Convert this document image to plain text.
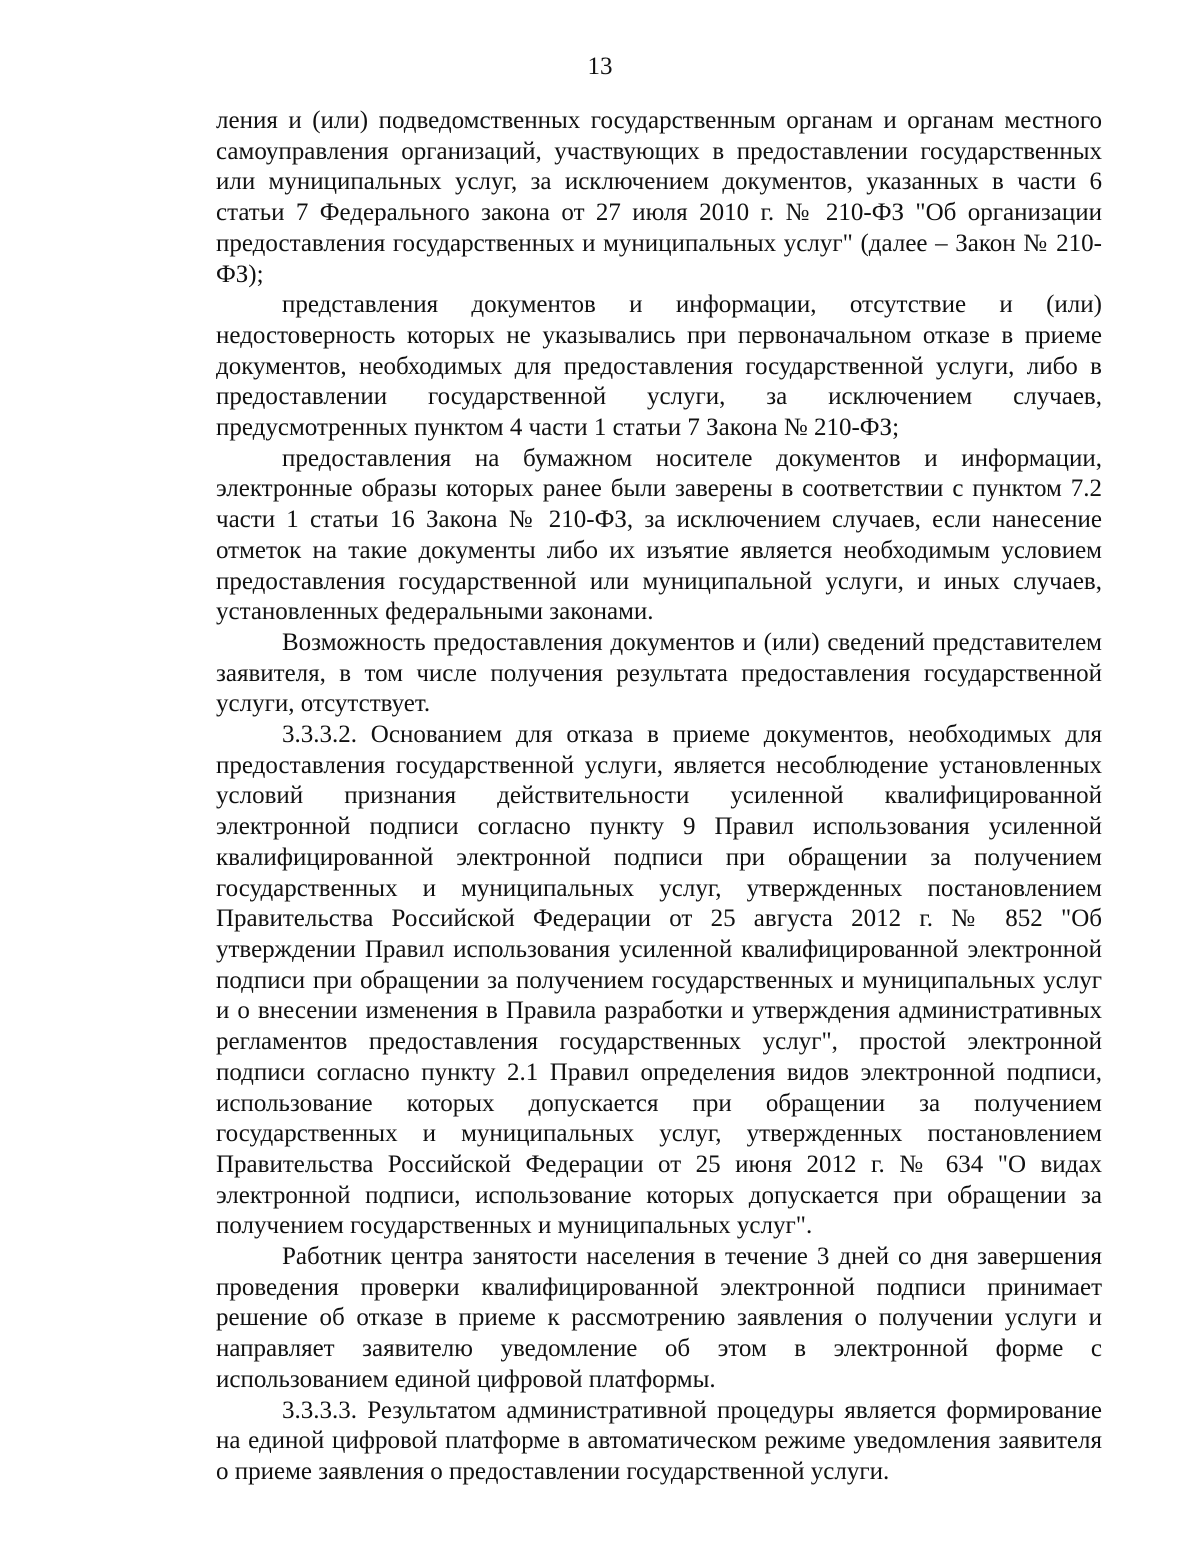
13

ления и (или) подведомственных государственным органам и органам местного самоуправления организаций, участвующих в предоставлении государственных или муниципальных услуг, за исключением документов, указанных в части 6 статьи 7 Федерального закона от 27 июля 2010 г. № 210-ФЗ "Об организации предоставления государственных и муниципальных услуг" (далее – Закон № 210-ФЗ);

представления документов и информации, отсутствие и (или) недостоверность которых не указывались при первоначальном отказе в приеме документов, необходимых для предоставления государственной услуги, либо в предоставлении государственной услуги, за исключением случаев, предусмотренных пунктом 4 части 1 статьи 7 Закона № 210-ФЗ;

предоставления на бумажном носителе документов и информации, электронные образы которых ранее были заверены в соответствии с пунктом 7.2 части 1 статьи 16 Закона № 210-ФЗ, за исключением случаев, если нанесение отметок на такие документы либо их изъятие является необходимым условием предоставления государственной или муниципальной услуги, и иных случаев, установленных федеральными законами.

Возможность предоставления документов и (или) сведений представителем заявителя, в том числе получения результата предоставления государственной услуги, отсутствует.

3.3.3.2. Основанием для отказа в приеме документов, необходимых для предоставления государственной услуги, является несоблюдение установленных условий признания действительности усиленной квалифицированной электронной подписи согласно пункту 9 Правил использования усиленной квалифицированной электронной подписи при обращении за получением государственных и муниципальных услуг, утвержденных постановлением Правительства Российской Федерации от 25 августа 2012 г. № 852 "Об утверждении Правил использования усиленной квалифицированной электронной подписи при обращении за получением государственных и муниципальных услуг и о внесении изменения в Правила разработки и утверждения административных регламентов предоставления государственных услуг", простой электронной подписи согласно пункту 2.1 Правил определения видов электронной подписи, использование которых допускается при обращении за получением государственных и муниципальных услуг, утвержденных постановлением Правительства Российской Федерации от 25 июня 2012 г. № 634 "О видах электронной подписи, использование которых допускается при обращении за получением государственных и муниципальных услуг".

Работник центра занятости населения в течение 3 дней со дня завершения проведения проверки квалифицированной электронной подписи принимает решение об отказе в приеме к рассмотрению заявления о получении услуги и направляет заявителю уведомление об этом в электронной форме с использованием единой цифровой платформы.

3.3.3.3. Результатом административной процедуры является формирование на единой цифровой платформе в автоматическом режиме уведомления заявителя о приеме заявления о предоставлении государственной услуги.
